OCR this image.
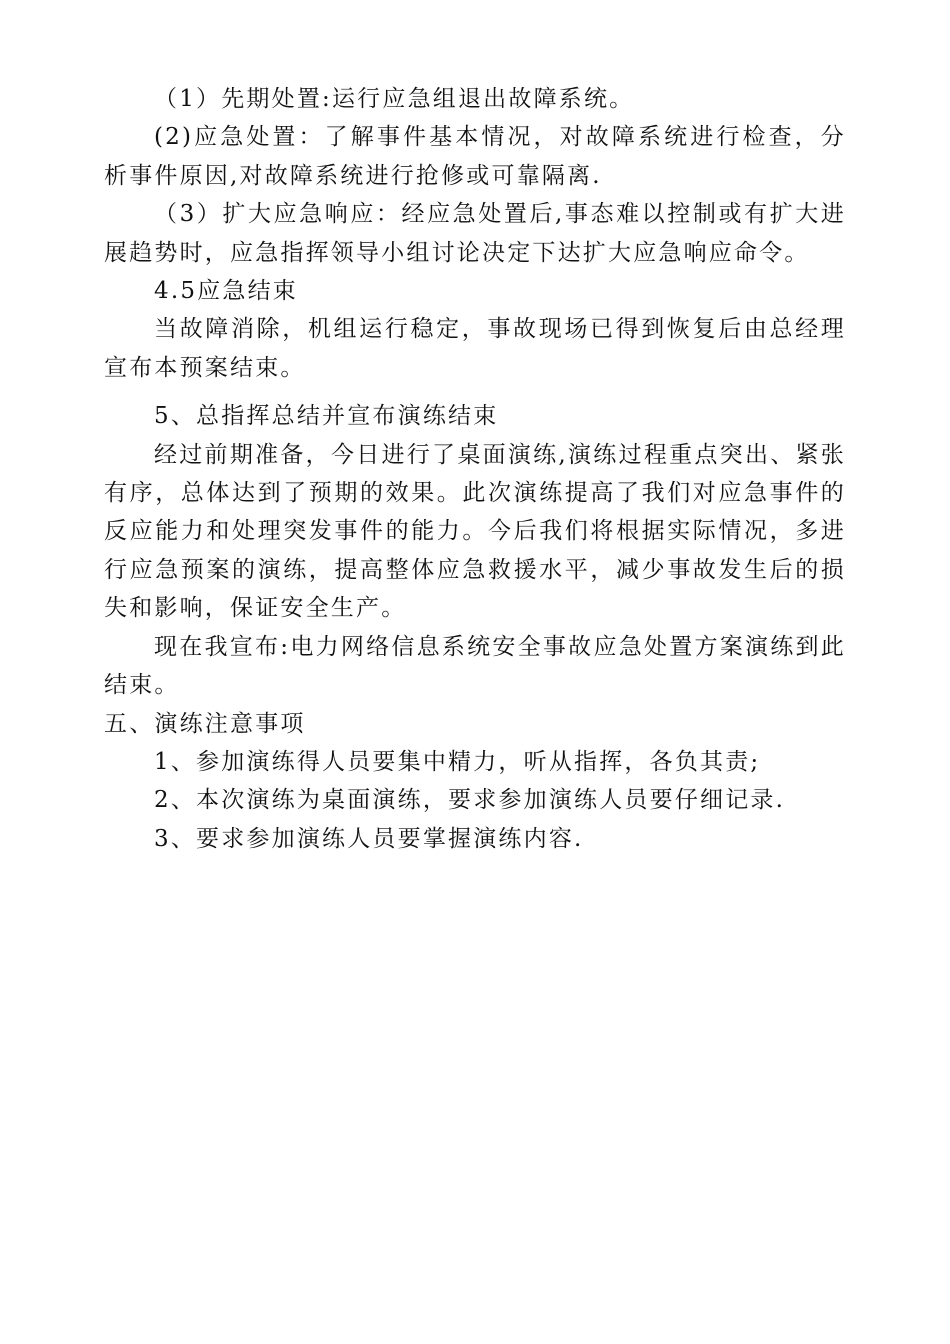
（1）先期处置:运行应急组退出故障系统。

(2)应急处置：了解事件基本情况，对故障系统进行检查，分析事件原因,对故障系统进行抢修或可靠隔离.

（3）扩大应急响应：经应急处置后,事态难以控制或有扩大进展趋势时，应急指挥领导小组讨论决定下达扩大应急响应命令。

4.5应急结束

当故障消除，机组运行稳定，事故现场已得到恢复后由总经理宣布本预案结束。

5、总指挥总结并宣布演练结束

经过前期准备，今日进行了桌面演练,演练过程重点突出、紧张有序，总体达到了预期的效果。此次演练提高了我们对应急事件的反应能力和处理突发事件的能力。今后我们将根据实际情况，多进行应急预案的演练，提高整体应急救援水平，减少事故发生后的损失和影响，保证安全生产。

现在我宣布:电力网络信息系统安全事故应急处置方案演练到此结束。

五、演练注意事项

1、参加演练得人员要集中精力，听从指挥，各负其责;

2、本次演练为桌面演练，要求参加演练人员要仔细记录.

3、要求参加演练人员要掌握演练内容.
